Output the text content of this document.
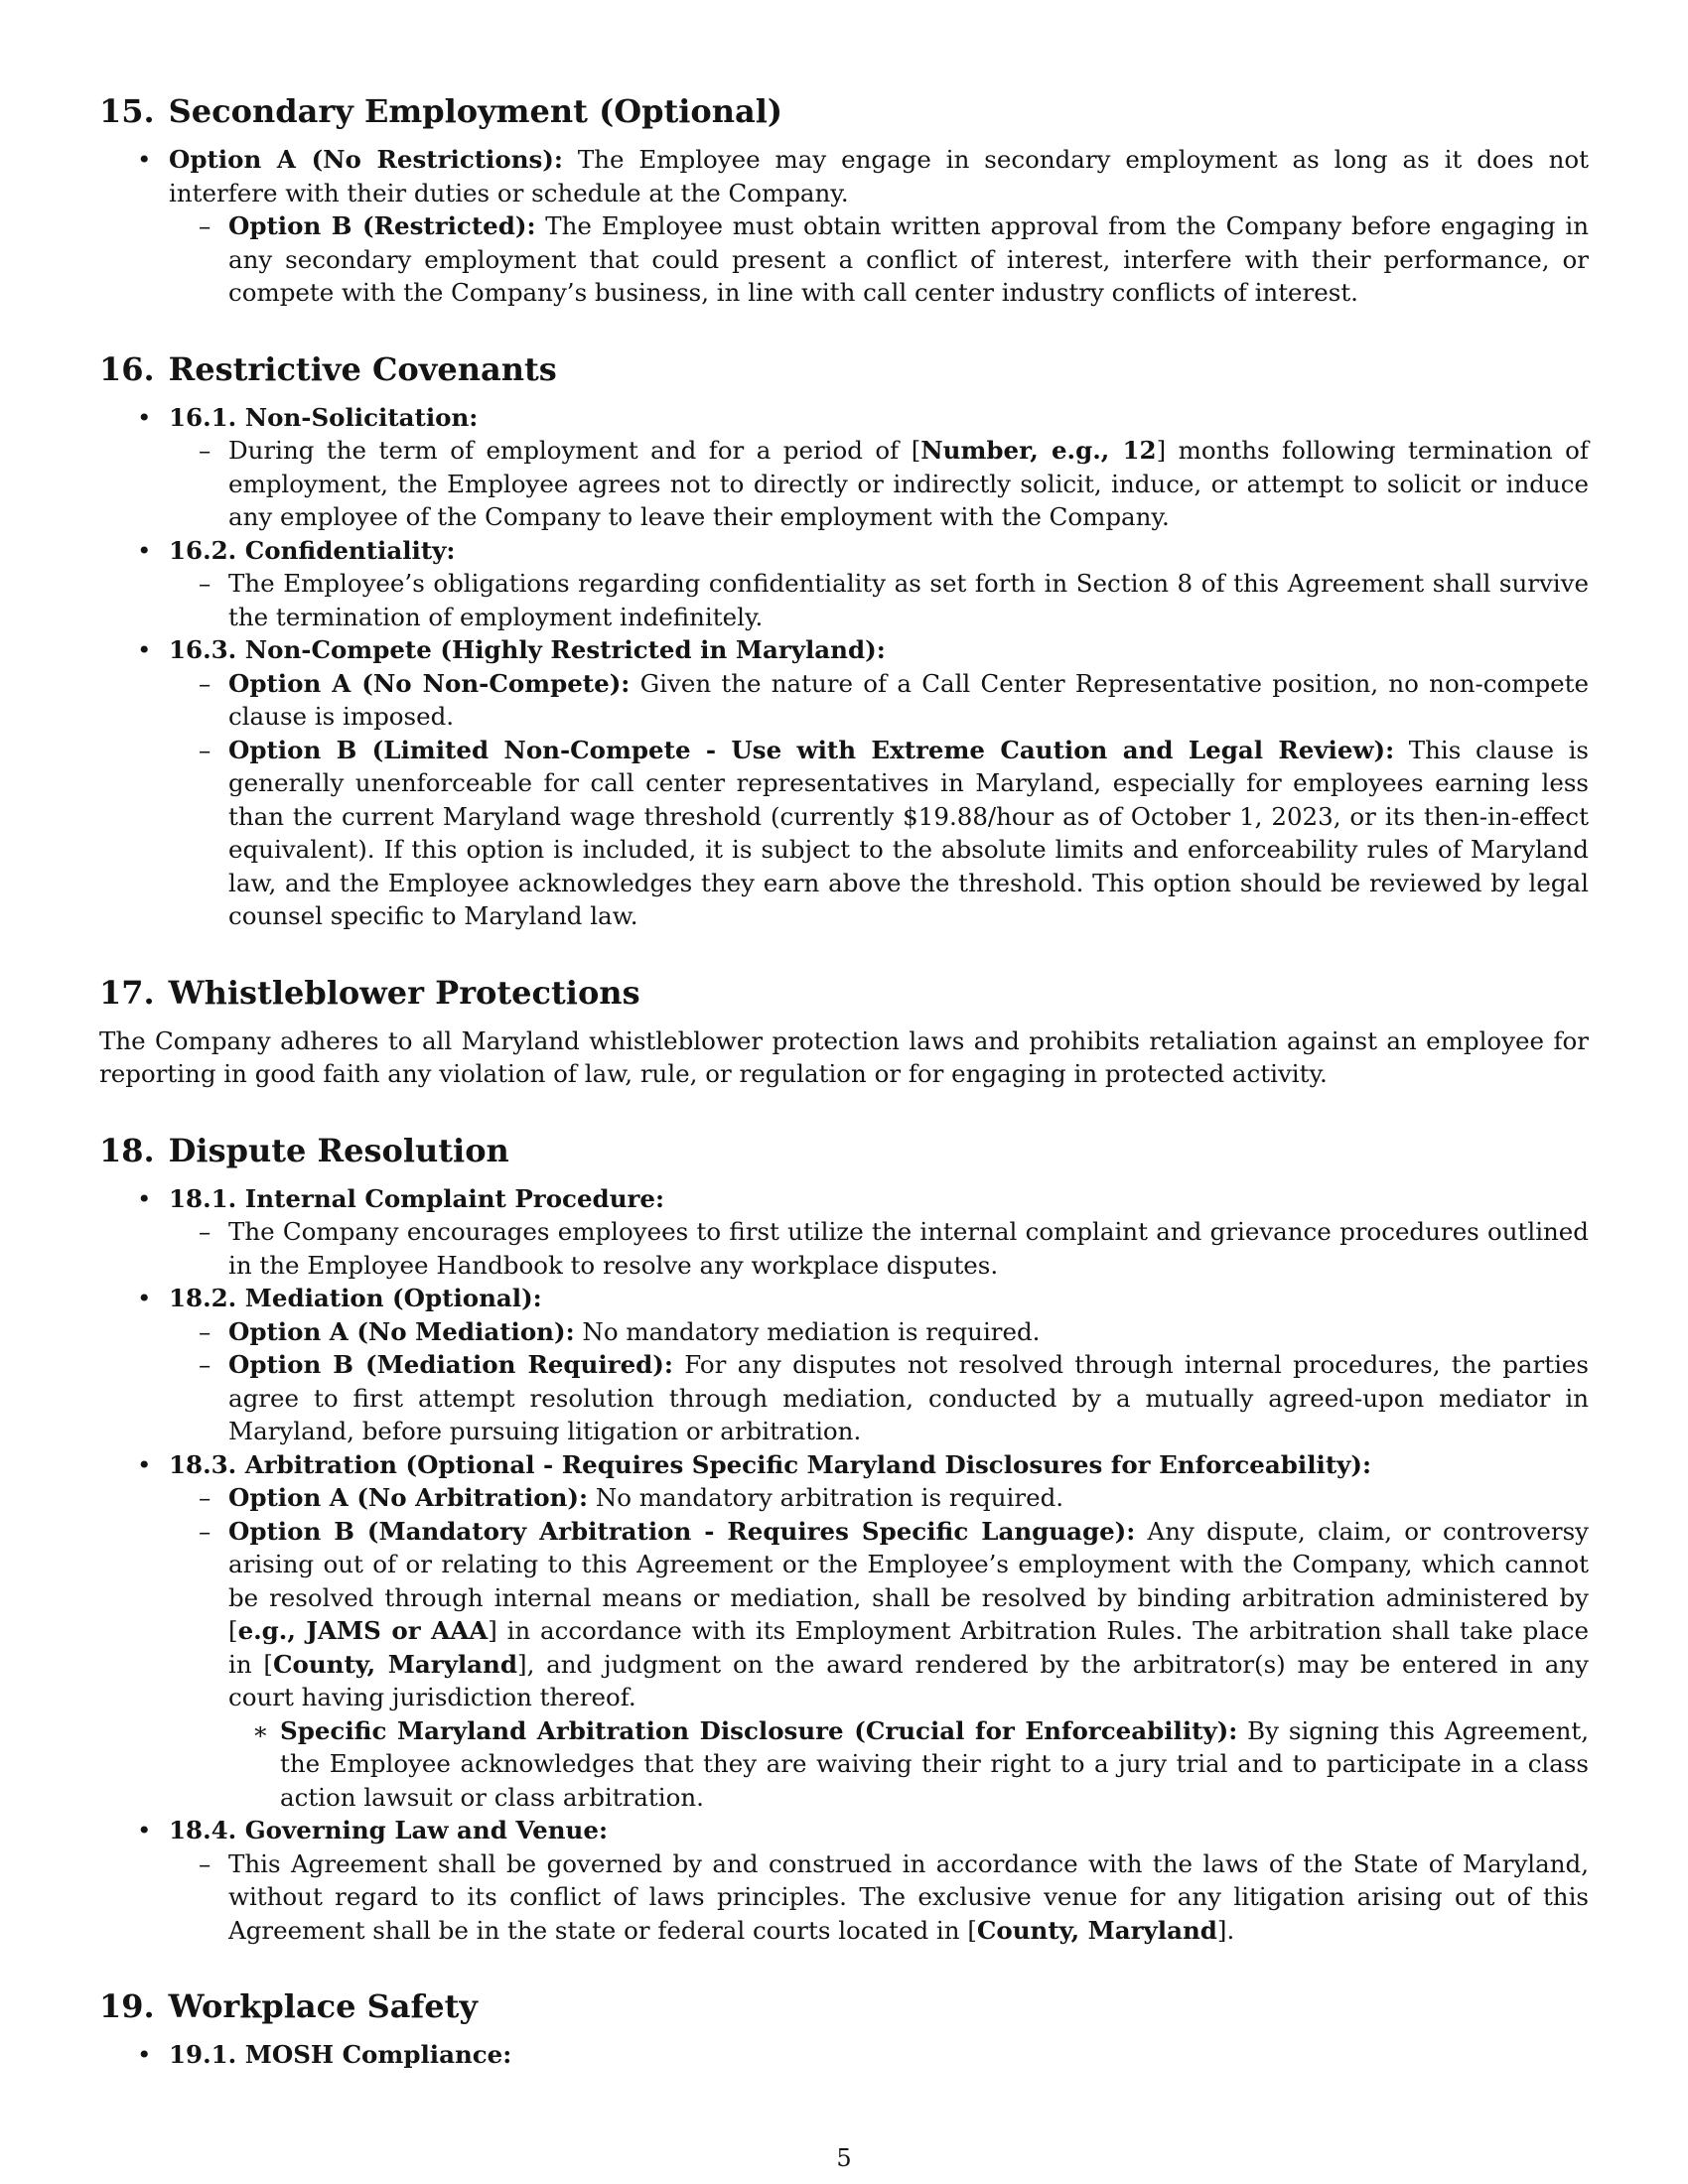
15. Secondary Employment (Optional)
• Option A (No Restrictions): The Employee may engage in secondary employment as long as it does not interfere with their duties or schedule at the Company.
– Option B (Restricted): The Employee must obtain written approval from the Company before engaging in any secondary employment that could present a conflict of interest, interfere with their performance, or compete with the Company’s business, in line with call center industry conflicts of interest.
16. Restrictive Covenants
• 16.1. Non-Solicitation:
– During the term of employment and for a period of [Number, e.g., 12] months following termination of employment, the Employee agrees not to directly or indirectly solicit, induce, or attempt to solicit or induce any employee of the Company to leave their employment with the Company.
• 16.2. Confidentiality:
– The Employee’s obligations regarding confidentiality as set forth in Section 8 of this Agreement shall survive the termination of employment indefinitely.
• 16.3. Non-Compete (Highly Restricted in Maryland):
– Option A (No Non-Compete): Given the nature of a Call Center Representative position, no non-compete clause is imposed.
– Option B (Limited Non-Compete - Use with Extreme Caution and Legal Review): This clause is generally unenforceable for call center representatives in Maryland, especially for employees earning less than the current Maryland wage threshold (currently $19.88/hour as of October 1, 2023, or its then-in-effect equivalent). If this option is included, it is subject to the absolute limits and enforceability rules of Maryland law, and the Employee acknowledges they earn above the threshold. This option should be reviewed by legal counsel specific to Maryland law.
17. Whistleblower Protections

The Company adheres to all Maryland whistleblower protection laws and prohibits retaliation against an employee for reporting in good faith any violation of law, rule, or regulation or for engaging in protected activity.

18. Dispute Resolution
• 18.1. Internal Complaint Procedure:
– The Company encourages employees to first utilize the internal complaint and grievance procedures outlined in the Employee Handbook to resolve any workplace disputes.
• 18.2. Mediation (Optional):
– Option A (No Mediation): No mandatory mediation is required.
– Option B (Mediation Required): For any disputes not resolved through internal procedures, the parties agree to first attempt resolution through mediation, conducted by a mutually agreed-upon mediator in Maryland, before pursuing litigation or arbitration.
• 18.3. Arbitration (Optional - Requires Specific Maryland Disclosures for Enforceability):
– Option A (No Arbitration): No mandatory arbitration is required.
– Option B (Mandatory Arbitration - Requires Specific Language): Any dispute, claim, or controversy arising out of or relating to this Agreement or the Employee’s employment with the Company, which cannot be resolved through internal means or mediation, shall be resolved by binding arbitration administered by [e.g., JAMS or AAA] in accordance with its Employment Arbitration Rules. The arbitration shall take place in [County, Maryland], and judgment on the award rendered by the arbitrator(s) may be entered in any court having jurisdiction thereof.
∗ Specific Maryland Arbitration Disclosure (Crucial for Enforceability): By signing this Agreement, the Employee acknowledges that they are waiving their right to a jury trial and to participate in a class action lawsuit or class arbitration.
• 18.4. Governing Law and Venue:
– This Agreement shall be governed by and construed in accordance with the laws of the State of Maryland, without regard to its conflict of laws principles. The exclusive venue for any litigation arising out of this Agreement shall be in the state or federal courts located in [County, Maryland].
19. Workplace Safety
• 19.1. MOSH Compliance:
5
